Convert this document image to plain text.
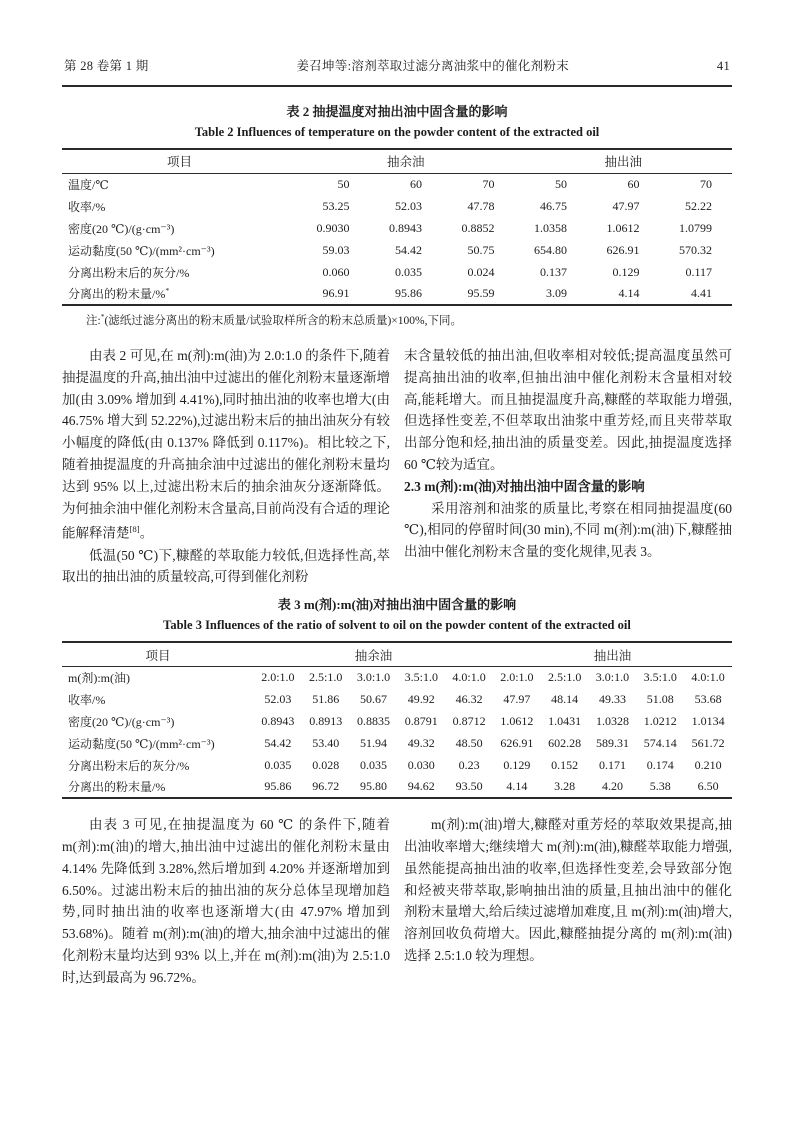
第 28 卷第 1 期	姜召坤等:溶剂萃取过滤分离油浆中的催化剂粉末	41
表 2 抽提温度对抽出油中固含量的影响
Table 2 Influences of temperature on the powder content of the extracted oil
项目	抽余油			抽出油		
温度/℃	50	60	70	50	60	70
收率/%	53.25	52.03	47.78	46.75	47.97	52.22
密度(20 ℃)/(g·cm⁻³)	0.9030	0.8943	0.8852	1.0358	1.0612	1.0799
运动黏度(50 ℃)/(mm²·cm⁻³)	59.03	54.42	50.75	654.80	626.91	570.32
分离出粉末后的灰分/%	0.060	0.035	0.024	0.137	0.129	0.117
分离出的粉末量/%*	96.91	95.86	95.59	3.09	4.14	4.41
注:*(滤纸过滤分离出的粉末质量/试验取样所含的粉末总质量)×100%,下同。

由表 2 可见,在 m(剂):m(油)为 2.0:1.0 的条件下,随着抽提温度的升高,抽出油中过滤出的催化剂粉末量逐渐增加(由 3.09% 增加到 4.41%),同时抽出油的收率也增大(由 46.75% 增大到 52.22%),过滤出粉末后的抽出油灰分有较小幅度的降低(由 0.137% 降低到 0.117%)。相比较之下,随着抽提温度的升高抽余油中过滤出的催化剂粉末量均达到 95% 以上,过滤出粉末后的抽余油灰分逐渐降低。为何抽余油中催化剂粉末含量高,目前尚没有合适的理论能解释清楚[8]。

低温(50 ℃)下,糠醛的萃取能力较低,但选择性高,萃取出的抽出油的质量较高,可得到催化剂粉

末含量较低的抽出油,但收率相对较低;提高温度虽然可提高抽出油的收率,但抽出油中催化剂粉末含量相对较高,能耗增大。而且抽提温度升高,糠醛的萃取能力增强,但选择性变差,不但萃取出油浆中重芳烃,而且夹带萃取出部分饱和烃,抽出油的质量变差。因此,抽提温度选择 60 ℃较为适宜。

2.3 m(剂):m(油)对抽出油中固含量的影响

采用溶剂和油浆的质量比,考察在相同抽提温度(60 ℃),相同的停留时间(30 min),不同 m(剂):m(油)下,糠醛抽出油中催化剂粉末含量的变化规律,见表 3。

表 3 m(剂):m(油)对抽出油中固含量的影响
Table 3 Influences of the ratio of solvent to oil on the powder content of the extracted oil
项目	抽余油					抽出油				
m(剂):m(油)	2.0:1.0	2.5:1.0	3.0:1.0	3.5:1.0	4.0:1.0	2.0:1.0	2.5:1.0	3.0:1.0	3.5:1.0	4.0:1.0
收率/%	52.03	51.86	50.67	49.92	46.32	47.97	48.14	49.33	51.08	53.68
密度(20 ℃)/(g·cm⁻³)	0.8943	0.8913	0.8835	0.8791	0.8712	1.0612	1.0431	1.0328	1.0212	1.0134
运动黏度(50 ℃)/(mm²·cm⁻³)	54.42	53.40	51.94	49.32	48.50	626.91	602.28	589.31	574.14	561.72
分离出粉末后的灰分/%	0.035	0.028	0.035	0.030	0.23	0.129	0.152	0.171	0.174	0.210
分离出的粉末量/%	95.86	96.72	95.80	94.62	93.50	4.14	3.28	4.20	5.38	6.50

由表 3 可见,在抽提温度为 60 ℃ 的条件下,随着 m(剂):m(油)的增大,抽出油中过滤出的催化剂粉末量由 4.14% 先降低到 3.28%,然后增加到 4.20% 并逐渐增加到 6.50%。过滤出粉末后的抽出油的灰分总体呈现增加趋势,同时抽出油的收率也逐渐增大(由 47.97% 增加到 53.68%)。随着 m(剂):m(油)的增大,抽余油中过滤出的催化剂粉末量均达到 93% 以上,并在 m(剂):m(油)为 2.5:1.0 时,达到最高为 96.72%。

m(剂):m(油)增大,糠醛对重芳烃的萃取效果提高,抽出油收率增大;继续增大 m(剂):m(油),糠醛萃取能力增强,虽然能提高抽出油的收率,但选择性变差,会导致部分饱和烃被夹带萃取,影响抽出油的质量,且抽出油中的催化剂粉末量增大,给后续过滤增加难度,且 m(剂):m(油)增大,溶剂回收负荷增大。因此,糠醛抽提分离的 m(剂):m(油)选择 2.5:1.0 较为理想。
